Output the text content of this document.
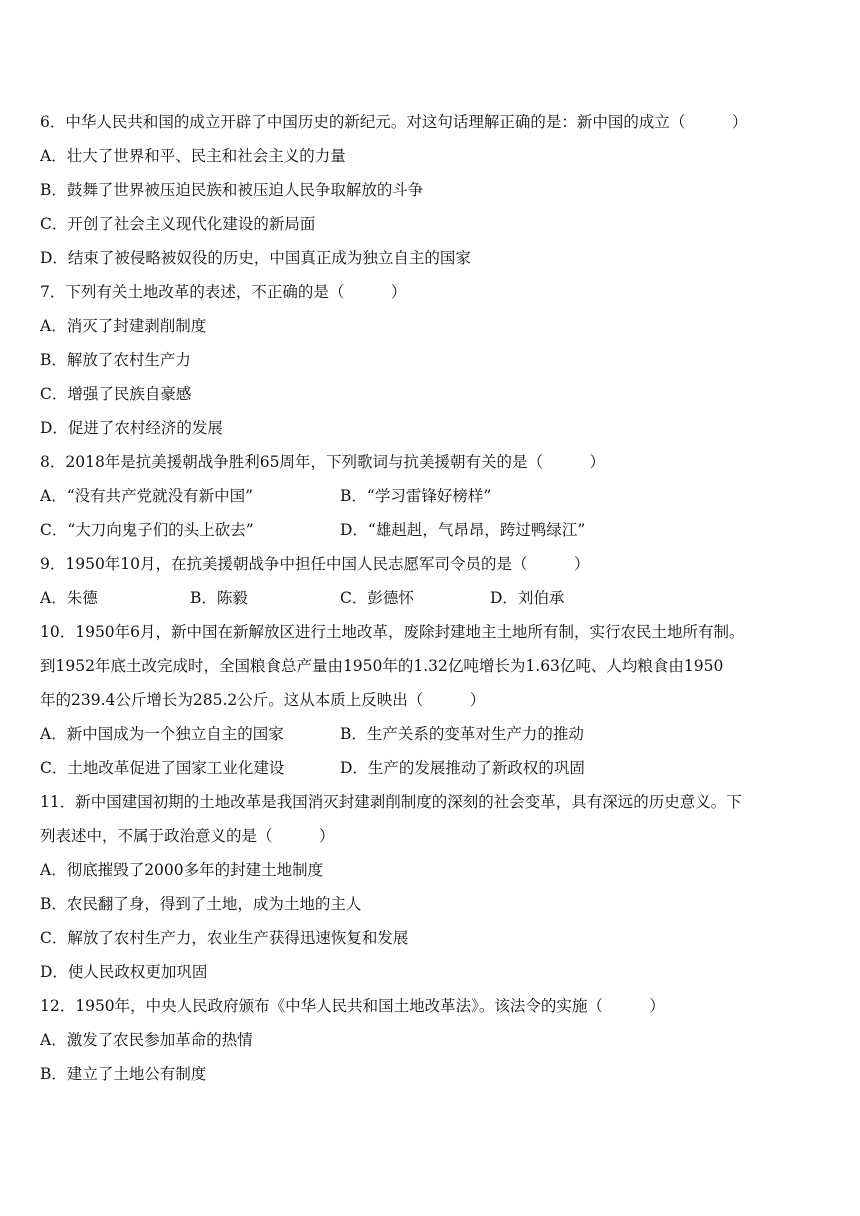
6．中华人民共和国的成立开辟了中国历史的新纪元。对这句话理解正确的是：新中国的成立（　　　）
A．壮大了世界和平、民主和社会主义的力量
B．鼓舞了世界被压迫民族和被压迫人民争取解放的斗争
C．开创了社会主义现代化建设的新局面
D．结束了被侵略被奴役的历史，中国真正成为独立自主的国家
7．下列有关土地改革的表述，不正确的是（　　　）
A．消灭了封建剥削制度
B．解放了农村生产力
C．增强了民族自豪感
D．促进了农村经济的发展
8．2018年是抗美援朝战争胜利65周年，下列歌词与抗美援朝有关的是（　　　）
A．“没有共产党就没有新中国”	B．“学习雷锋好榜样”
C．“大刀向鬼子们的头上砍去”	D．“雄赳赳，气昂昂，跨过鸭绿江”
9．1950年10月，在抗美援朝战争中担任中国人民志愿军司令员的是（　　　）
A．朱德	B．陈毅	C．彭德怀	D．刘伯承
10．1950年6月，新中国在新解放区进行土地改革，废除封建地主土地所有制，实行农民土地所有制。
到1952年底土改完成时，全国粮食总产量由1950年的1.32亿吨增长为1.63亿吨、人均粮食由1950
年的239.4公斤增长为285.2公斤。这从本质上反映出（　　　）
A．新中国成为一个独立自主的国家	B．生产关系的变革对生产力的推动
C．土地改革促进了国家工业化建设	D．生产的发展推动了新政权的巩固
11．新中国建国初期的土地改革是我国消灭封建剥削制度的深刻的社会变革，具有深远的历史意义。下
列表述中，不属于政治意义的是（　　　）
A．彻底摧毁了2000多年的封建土地制度
B．农民翻了身，得到了土地，成为土地的主人
C．解放了农村生产力，农业生产获得迅速恢复和发展
D．使人民政权更加巩固
12．1950年，中央人民政府颁布《中华人民共和国土地改革法》。该法令的实施（　　　）
A．激发了农民参加革命的热情
B．建立了土地公有制度
